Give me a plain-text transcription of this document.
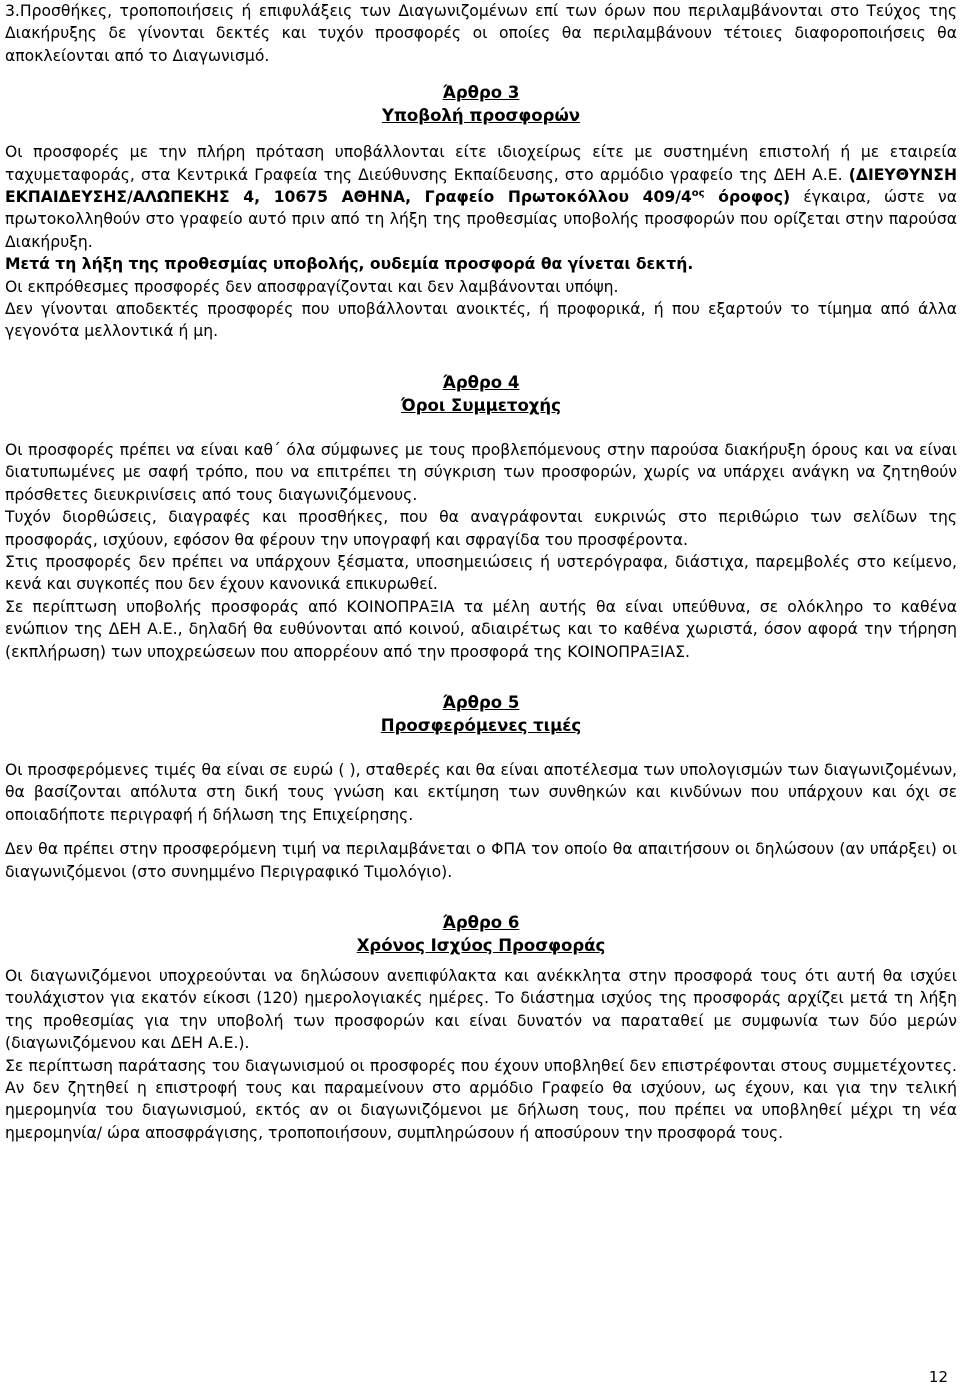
3.Προσθήκες, τροποποιήσεις ή επιφυλάξεις των Διαγωνιζομένων επί των όρων που περιλαμβάνονται στο Τεύχος της Διακήρυξης δε γίνονται δεκτές και τυχόν προσφορές οι οποίες θα περιλαμβάνουν τέτοιες διαφοροποιήσεις θα αποκλείονται από το Διαγωνισμό.

Άρθρο 3
Υποβολή προσφορών

Οι προσφορές με την πλήρη πρόταση υποβάλλονται είτε ιδιοχείρως είτε με συστημένη επιστολή ή με εταιρεία ταχυμεταφοράς, στα Κεντρικά Γραφεία της Διεύθυνσης Εκπαίδευσης, στο αρμόδιο γραφείο της ΔΕΗ Α.Ε. (ΔΙΕΥΘΥΝΣΗ ΕΚΠΑΙΔΕΥΣΗΣ/ΑΛΩΠΕΚΗΣ 4, 10675 ΑΘΗΝΑ, Γραφείο Πρωτοκόλλου $409/4^{o\varsigma}$ όροφος) έγκαιρα, ώστε να πρωτοκολληθούν στο γραφείο αυτό πριν από τη λήξη της προθεσμίας υποβολής προσφορών που ορίζεται στην παρούσα Διακήρυξη.

Μετά τη λήξη της προθεσμίας υποβολής, ουδεμία προσφορά θα γίνεται δεκτή.

Οι εκπρόθεσμες προσφορές δεν αποσφραγίζονται και δεν λαμβάνονται υπόψη.

Δεν γίνονται αποδεκτές προσφορές που υποβάλλονται ανοικτές, ή προφορικά, ή που εξαρτούν το τίμημα από άλλα γεγονότα μελλοντικά ή μη.

Άρθρο 4
Όροι Συμμετοχής

Οι προσφορές πρέπει να είναι καθ΄ όλα σύμφωνες με τους προβλεπόμενους στην παρούσα διακήρυξη όρους και να είναι διατυπωμένες με σαφή τρόπο, που να επιτρέπει τη σύγκριση των προσφορών, χωρίς να υπάρχει ανάγκη να ζητηθούν πρόσθετες διευκρινίσεις από τους διαγωνιζόμενους.

Τυχόν διορθώσεις, διαγραφές και προσθήκες, που θα αναγράφονται ευκρινώς στο περιθώριο των σελίδων της προσφοράς, ισχύουν, εφόσον θα φέρουν την υπογραφή και σφραγίδα του προσφέροντα.

Στις προσφορές δεν πρέπει να υπάρχουν ξέσματα, υποσημειώσεις ή υστερόγραφα, διάστιχα, παρεμβολές στο κείμενο, κενά και συγκοπές που δεν έχουν κανονικά επικυρωθεί.

Σε περίπτωση υποβολής προσφοράς από ΚΟΙΝΟΠΡΑΞΙΑ τα μέλη αυτής θα είναι υπεύθυνα, σε ολόκληρο το καθένα ενώπιον της ΔΕΗ Α.Ε., δηλαδή θα ευθύνονται από κοινού, αδιαιρέτως και το καθένα χωριστά, όσον αφορά την τήρηση (εκπλήρωση) των υποχρεώσεων που απορρέουν από την προσφορά της ΚΟΙΝΟΠΡΑΞΙΑΣ.

Άρθρο 5
Προσφερόμενες τιμές

Οι προσφερόμενες τιμές θα είναι σε ευρώ ( ), σταθερές και θα είναι αποτέλεσμα των υπολογισμών των διαγωνιζομένων, θα βασίζονται απόλυτα στη δική τους γνώση και εκτίμηση των συνθηκών και κινδύνων που υπάρχουν και όχι σε οποιαδήποτε περιγραφή ή δήλωση της Επιχείρησης.

Δεν θα πρέπει στην προσφερόμενη τιμή να περιλαμβάνεται ο ΦΠΑ τον οποίο θα απαιτήσουν οι δηλώσουν (αν υπάρξει) οι διαγωνιζόμενοι (στο συνημμένο Περιγραφικό Τιμολόγιο).

Άρθρο 6
Χρόνος Ισχύος Προσφοράς

Οι διαγωνιζόμενοι υποχρεούνται να δηλώσουν ανεπιφύλακτα και ανέκκλητα στην προσφορά τους ότι αυτή θα ισχύει τουλάχιστον για εκατόν είκοσι (120) ημερολογιακές ημέρες. Το διάστημα ισχύος της προσφοράς αρχίζει μετά τη λήξη της προθεσμίας για την υποβολή των προσφορών και είναι δυνατόν να παραταθεί με συμφωνία των δύο μερών (διαγωνιζόμενου και ΔΕΗ Α.Ε.).

Σε περίπτωση παράτασης του διαγωνισμού οι προσφορές που έχουν υποβληθεί δεν επιστρέφονται στους συμμετέχοντες. Αν δεν ζητηθεί η επιστροφή τους και παραμείνουν στο αρμόδιο Γραφείο θα ισχύουν, ως έχουν, και για την τελική ημερομηνία του διαγωνισμού, εκτός αν οι διαγωνιζόμενοι με δήλωση τους, που πρέπει να υποβληθεί μέχρι τη νέα ημερομηνία/ ώρα αποσφράγισης, τροποποιήσουν, συμπληρώσουν ή αποσύρουν την προσφορά τους.

12
